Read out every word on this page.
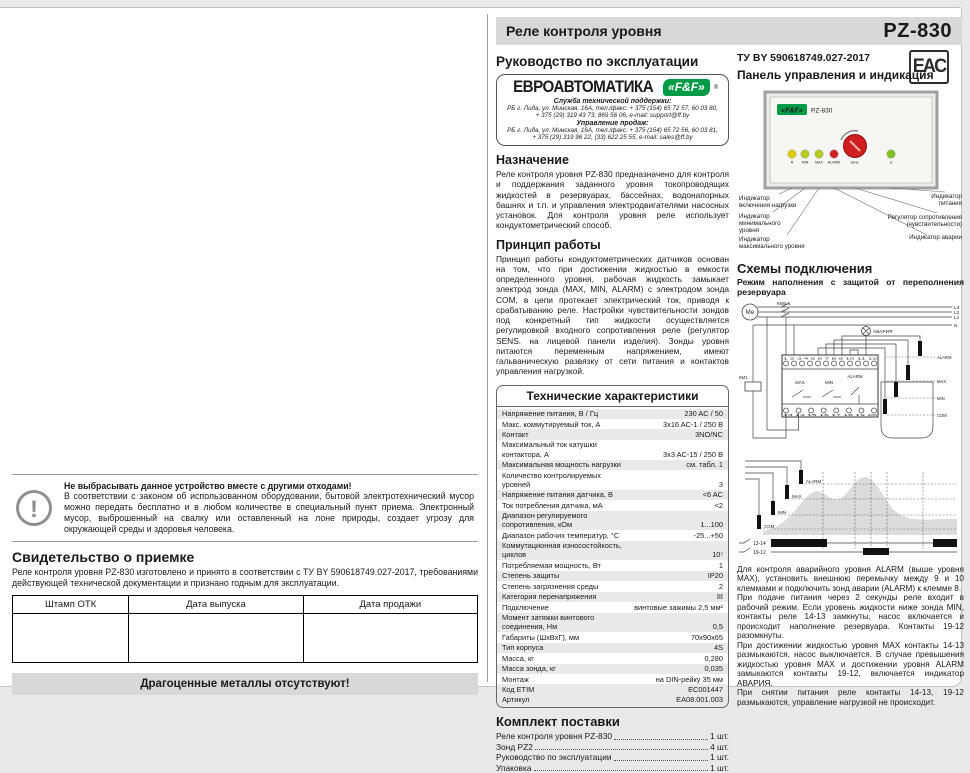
Реле контроля уровня	PZ-830
EAC
Руководство по эксплуатации
ЕВРОАВТОМАТИКА	«F&F»	®
Служба технической поддержки:
РБ г. Лида, ул. Минская, 16А, тел./факс: + 375 (154) 65 72 57, 60 03 80,
+ 375 (29) 319 43 73, 869 56 06, e-mail: support@ff.by
Управление продаж:
РБ г. Лида, ул. Минская, 16А, тел./факс: + 375 (154) 65 72 56, 60 03 81,
+ 375 (29) 319 96 22, (33) 622 25 55, e-mail: sales@ff.by
Назначение

Реле контроля уровня PZ-830 предназначено для контроля и поддержания заданного уровня токопроводящих жидкостей в резервуарах, бассейнах, водонапорных башнях и т.п. и управления электродвигателями насосных установок. Для контроля уровня реле использует кондуктометрический способ.

Принцип работы

Принцип работы кондуктометрических датчиков основан на том, что при достижении жидкостью в емкости определенного уровня, рабочая жидкость замыкает электрод зонда (MAX, MIN, ALARM) с электродом зонда COM, в цепи протекает электрический ток, приводя к срабатыванию реле. Настройки чувствительности зондов под конкретный тип жидкости осуществляется регулировкой входного сопротивления реле (регулятор SENS. на лицевой панели изделия). Зонды уровня питаются переменным напряжением, имеют гальваническую развязку от сети питания и контактов управления нагрузкой.

Технические характеристики
Напряжение питания, В / Гц	230 AC / 50
Макс. коммутируемый ток, А	3x16 AC-1 / 250 В
Контакт	3NO/NC
Максимальный ток катушки контактора, А	3x3 AC-15 / 250 В
Максимальная мощность нагрузки	см. табл. 1
Количество контролируемых уровней	3
Напряжение питания датчика, В	<6 AC
Ток потребления датчика, мА	<2
Диапазон регулируемого сопротивления, кОм	1...100
Диапазон рабочих температур, °С	-25...+50
Коммутационная износостойкость, циклов	10⁷
Потребляемая мощность, Вт	1
Степень защиты	IP20
Степень загрязнения среды	2
Категория перенапряжения	III
Подключение	винтовые зажимы 2,5 мм²
Момент затяжки винтового соединения, Нм	0,5
Габариты (ШхВхГ), мм	70x90x65
Тип корпуса	4S
Масса, кг	0,280
Масса зонда, кг	0,035
Монтаж	на DIN-рейку 35 мм
Код ETIM	EC001447
Артикул	EA08.001.003
Комплект поставки
Реле контроля уровня PZ-830	1 шт.
Зонд PZ2	4 шт.
Руководство по эксплуатации	1 шт.
Упаковка	1 шт.
ТУ BY 590618749.027-2017
Панель управления и индикация
«F&F» PZ-830
R MIN MAX ALARM	sens.	U
Индикатор
включения нагрузки
Индикатор
минимального
уровня
Индикатор
максимального уровня
Индикатор
питания
Регулятор сопротивления
(чувствительности)
Индикатор аварии
Схемы подключения
Режим наполнения с защитой от переполнения резервуара
ALARM
MAX
MIN
COM
Ме
КМ1.1
L3
L2
L1
N
АВАРИЯ
1 2 3 4 5 6 7 8 9 10 11 12
ALARM
MAX	MIN
13 14 15 16 17 18 19 20
КМ1
ALARM
MAX
MIN
COM
13-14
19-12

Для контроля аварийного уровня ALARM (выше уровня MAX), установить внешнюю перемычку между 9 и 10 клеммами и подключить зонд аварии (ALARM) к клемме 8.

При подаче питания через 2 секунды реле входит в рабочий режим. Если уровень жидкости ниже зонда MIN, контакты реле 14-13 замкнуты, насос включается и происходит наполнение резервуара. Контакты 19-12 разомкнуты.

При достижении жидкостью уровня MAX контакты 14-13 размыкаются, насос выключается. В случае превышения жидкостью уровня MAX и достижении уровня ALARM замыкаются контакты 19-12, включается индикатор АВАРИЯ.

При снятии питания реле контакты 14-13, 19-12 размыкаются, управление нагрузкой не происходит.

!
Не выбрасывать данное устройство вместе с другими отходами!
В соответствии с законом об использованном оборудовании, бытовой электротехнический мусор можно передать бесплатно и в любом количестве в специальный пункт приема. Электронный мусор, выброшенный на свалку или оставленный на лоне природы, создает угрозу для окружающей среды и здоровья человека.
Свидетельство о приемке

Реле контроля уровня PZ-830 изготовлено и принято в соответствии с ТУ BY 590618749.027-2017, требованиями действующей технической документации и признано годным для эксплуатации.

Штамп ОТК	Дата выпуска	Дата продажи

Драгоценные металлы отсутствуют!
